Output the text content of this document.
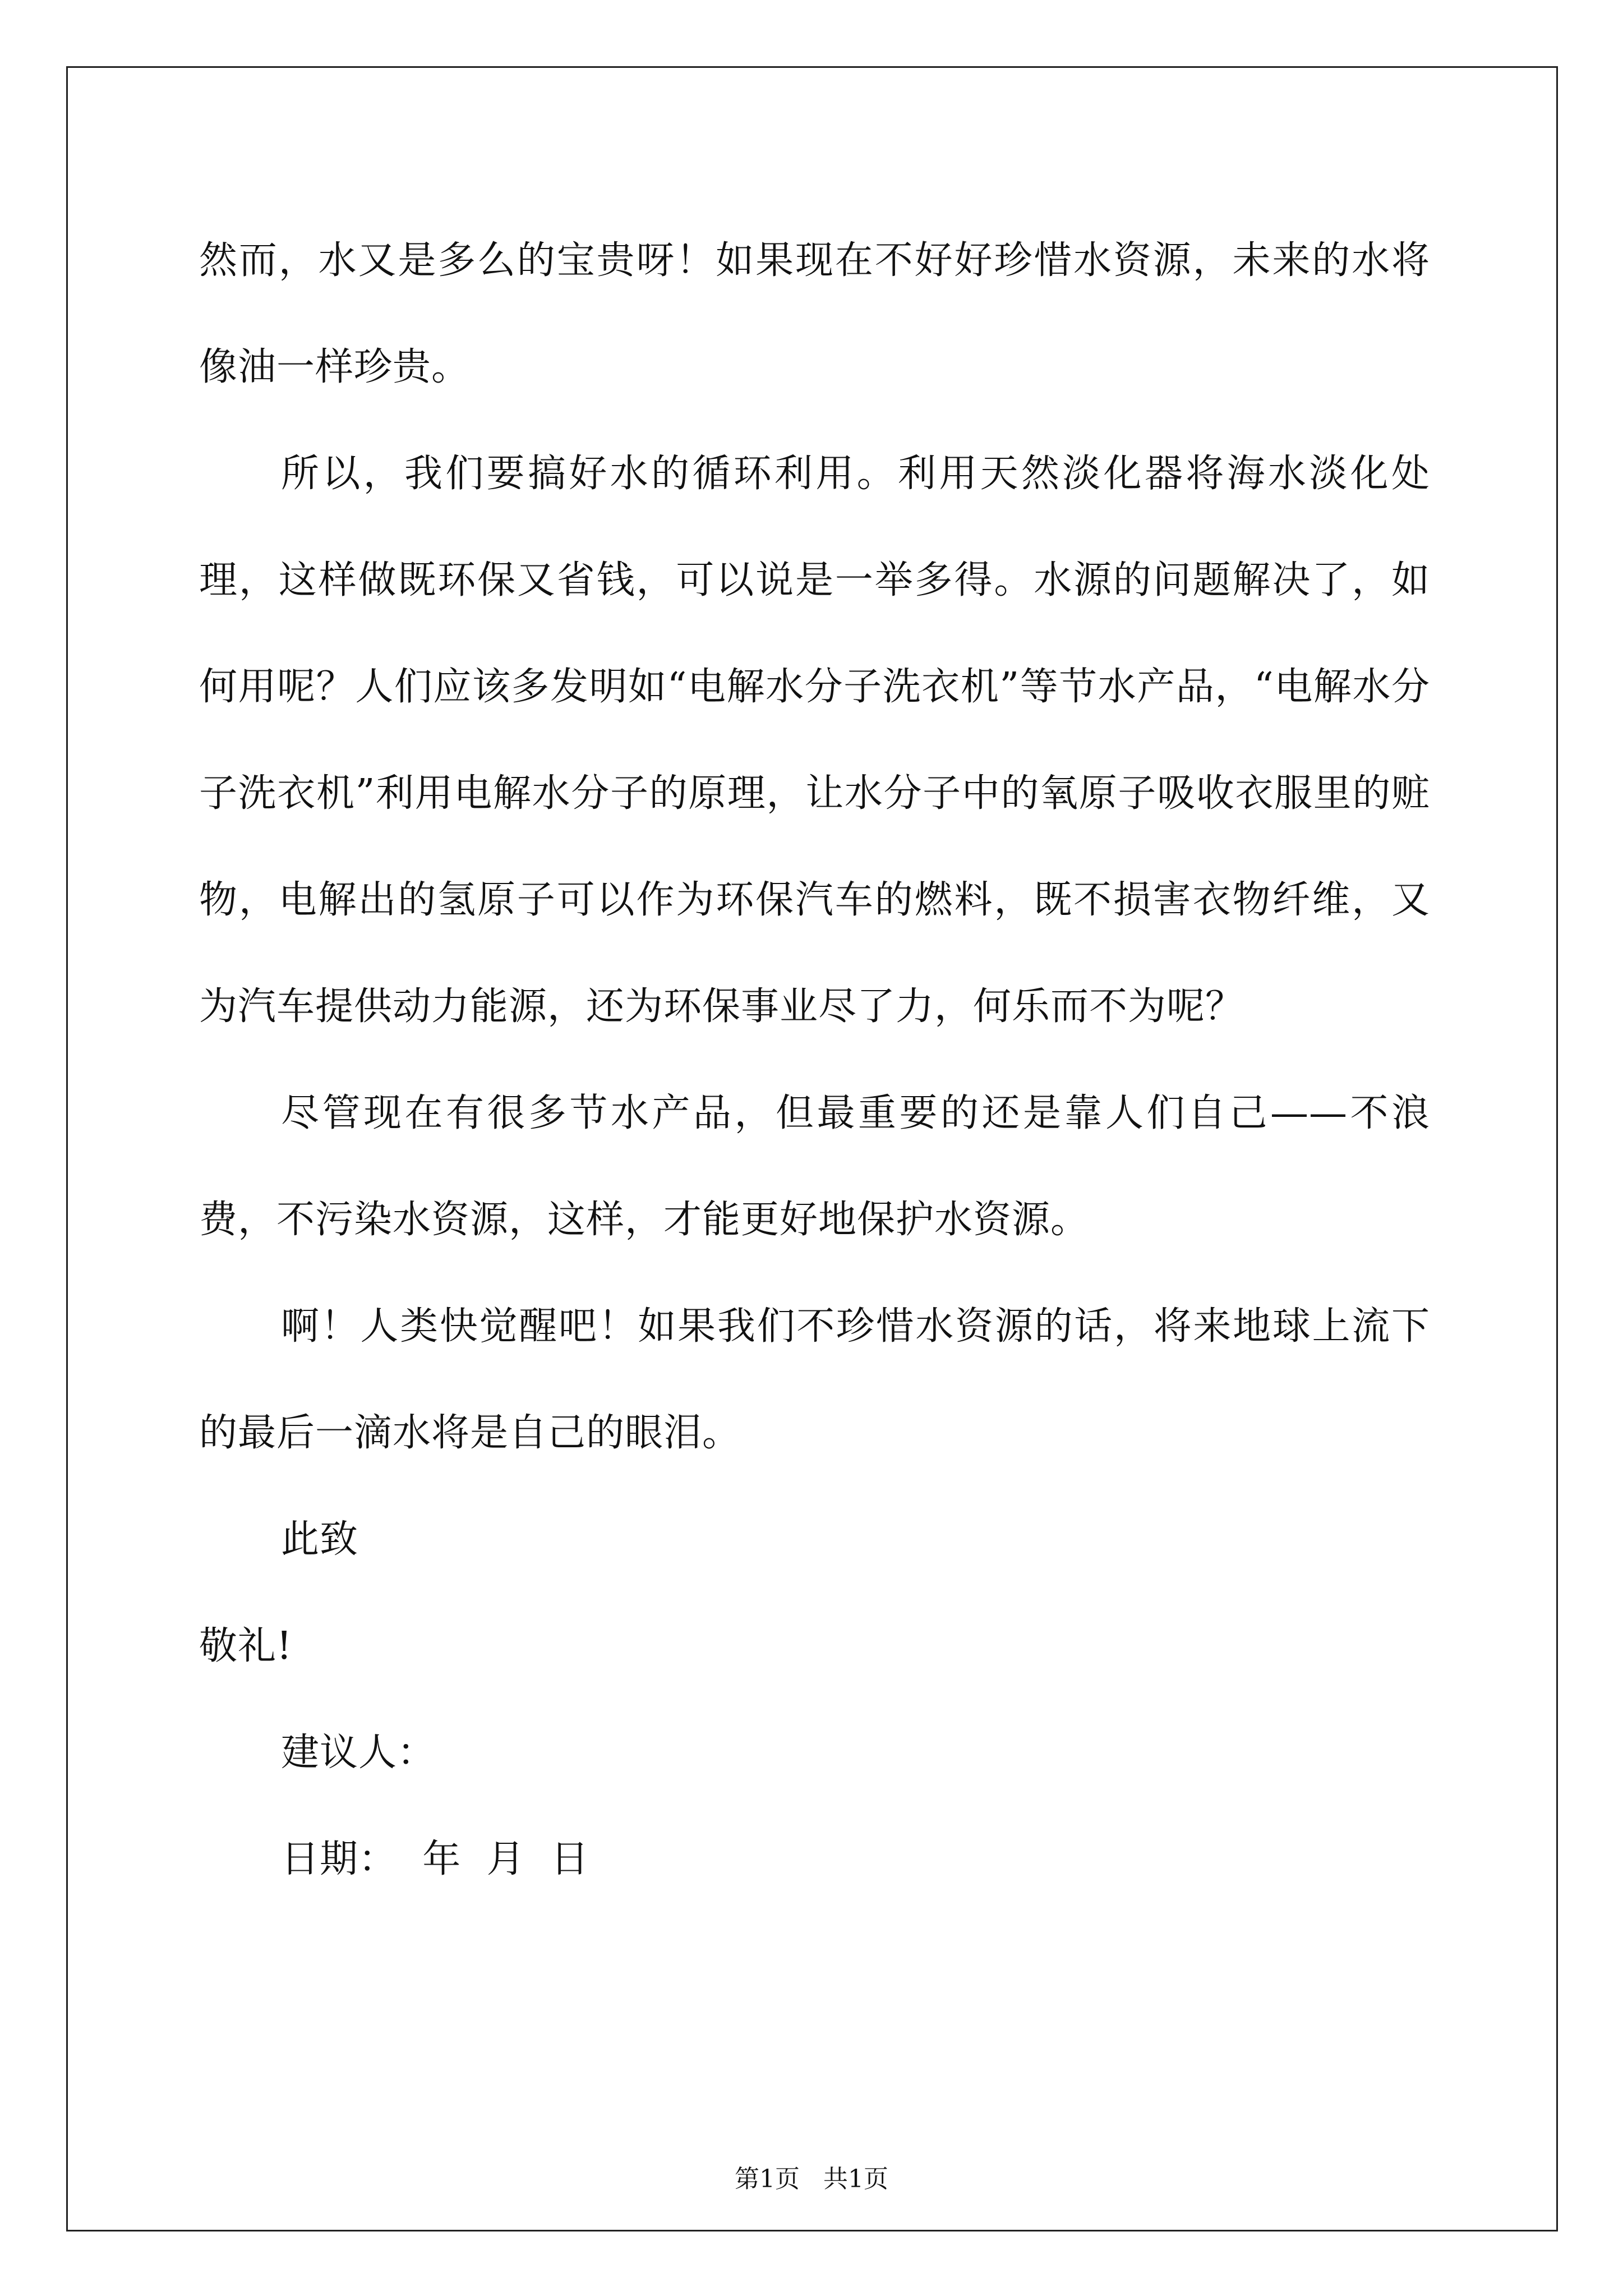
然而，水又是多么的宝贵呀！如果现在不好好珍惜水资源，未来的水将像油一样珍贵。

所以，我们要搞好水的循环利用。利用天然淡化器将海水淡化处理，这样做既环保又省钱，可以说是一举多得。水源的问题解决了，如何用呢？人们应该多发明如“电解水分子洗衣机”等节水产品，“电解水分子洗衣机”利用电解水分子的原理，让水分子中的氧原子吸收衣服里的赃物，电解出的氢原子可以作为环保汽车的燃料，既不损害衣物纤维，又为汽车提供动力能源，还为环保事业尽了力，何乐而不为呢？

尽管现在有很多节水产品，但最重要的还是靠人们自己——不浪费，不污染水资源，这样，才能更好地保护水资源。

啊！人类快觉醒吧！如果我们不珍惜水资源的话，将来地球上流下的最后一滴水将是自己的眼泪。

此致

敬礼!

建议人：

日期：  年  月  日

第1页   共1页
